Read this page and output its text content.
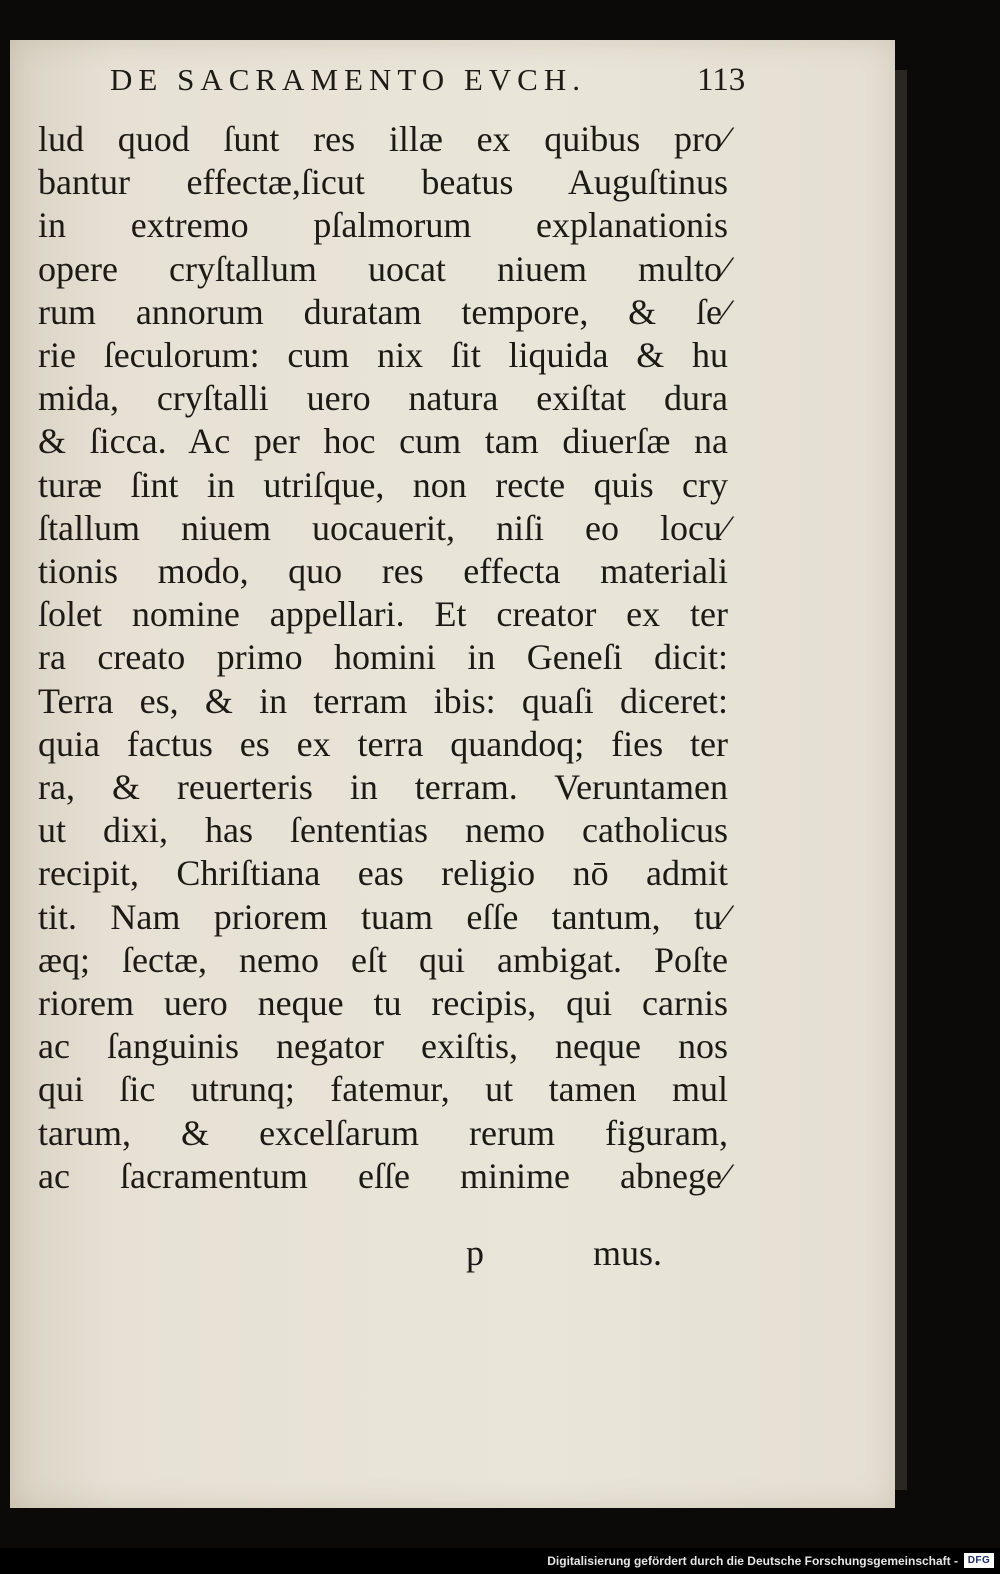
DE SACRAMENTO EVCH.	113
lud quod ſunt res illæ ex quibus pro⁄
bantur effectæ,ſicut beatus Auguſtinus
in extremo pſalmorum explanationis
opere cryſtallum uocat niuem multo⁄
rum annorum duratam tempore, & ſe⁄
rie ſeculorum: cum nix ſit liquida & hu
mida, cryſtalli uero natura exiſtat dura
& ſicca. Ac per hoc cum tam diuerſæ na
turæ ſint in utriſque, non recte quis cry
ſtallum niuem uocauerit, niſi eo locu⁄
tionis modo, quo res effecta materiali
ſolet nomine appellari. Et creator ex ter
ra creato primo homini in Geneſi dicit:
Terra es, & in terram ibis: quaſi diceret:
quia factus es ex terra quandoq; fies ter
ra, & reuerteris in terram. Veruntamen
ut dixi, has ſententias nemo catholicus
recipit, Chriſtiana eas religio nō admit
tit. Nam priorem tuam eſſe tantum, tu⁄
æq; ſectæ, nemo eſt qui ambigat. Poſte
riorem uero neque tu recipis, qui carnis
ac ſanguinis negator exiſtis, neque nos
qui ſic utrunq; fatemur, ut tamen mul
tarum, & excelſarum rerum figuram,
ac ſacramentum eſſe minime abnege⁄
p	mus.
Digitalisierung gefördert durch die Deutsche Forschungsgemeinschaft - DFG
